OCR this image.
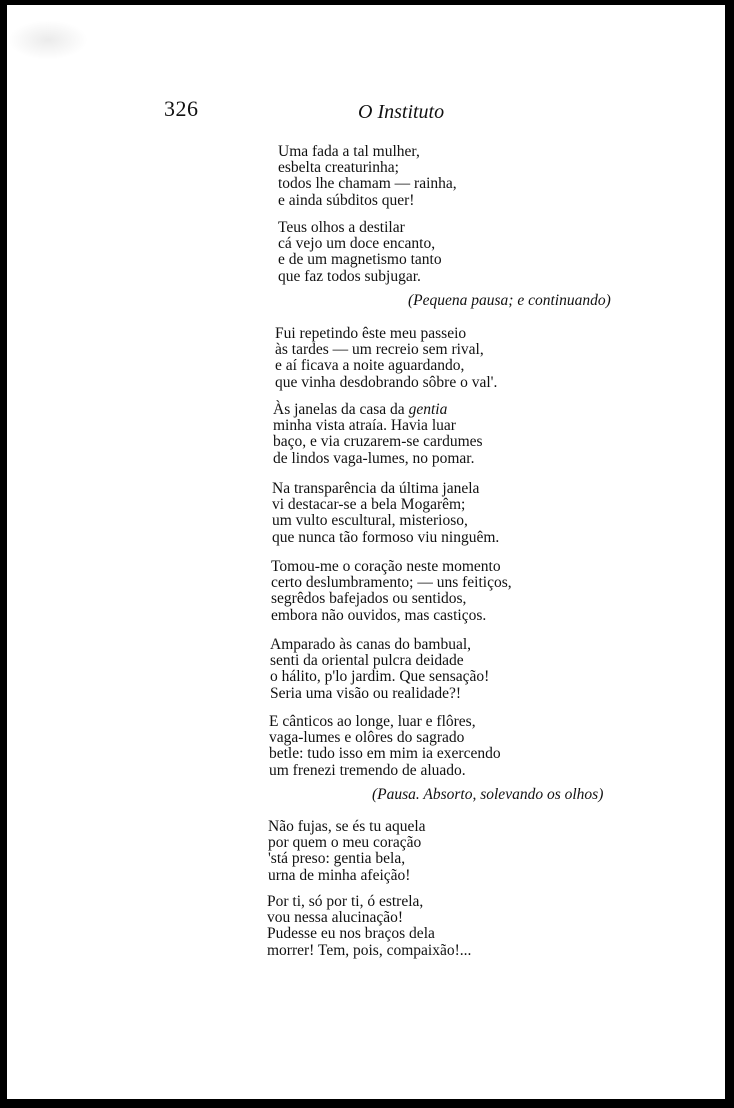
326	O Instituto
Uma fada a tal mulher,
esbelta creaturinha;
todos lhe chamam — rainha,
e ainda súbditos quer!
Teus olhos a destilar
cá vejo um doce encanto,
e de um magnetismo tanto
que faz todos subjugar.
(Pequena pausa; e continuando)
Fui repetindo êste meu passeio
às tardes — um recreio sem rival,
e aí ficava a noite aguardando,
que vinha desdobrando sôbre o val'.
Às janelas da casa da gentia
minha vista atraía. Havia luar
baço, e via cruzarem-se cardumes
de lindos vaga-lumes, no pomar.
Na transparência da última janela
vi destacar-se a bela Mogarêm;
um vulto escultural, misterioso,
que nunca tão formoso viu ninguêm.
Tomou-me o coração neste momento
certo deslumbramento; — uns feitiços,
segrêdos bafejados ou sentidos,
embora não ouvidos, mas castiços.
Amparado às canas do bambual,
senti da oriental pulcra deidade
o hálito, p'lo jardim. Que sensação!
Seria uma visão ou realidade?!
E cânticos ao longe, luar e flôres,
vaga-lumes e olôres do sagrado
betle: tudo isso em mim ia exercendo
um frenezi tremendo de aluado.
(Pausa. Absorto, solevando os olhos)
Não fujas, se és tu aquela
por quem o meu coração
'stá preso: gentia bela,
urna de minha afeição!
Por ti, só por ti, ó estrela,
vou nessa alucinação!
Pudesse eu nos braços dela
morrer! Tem, pois, compaixão!...
